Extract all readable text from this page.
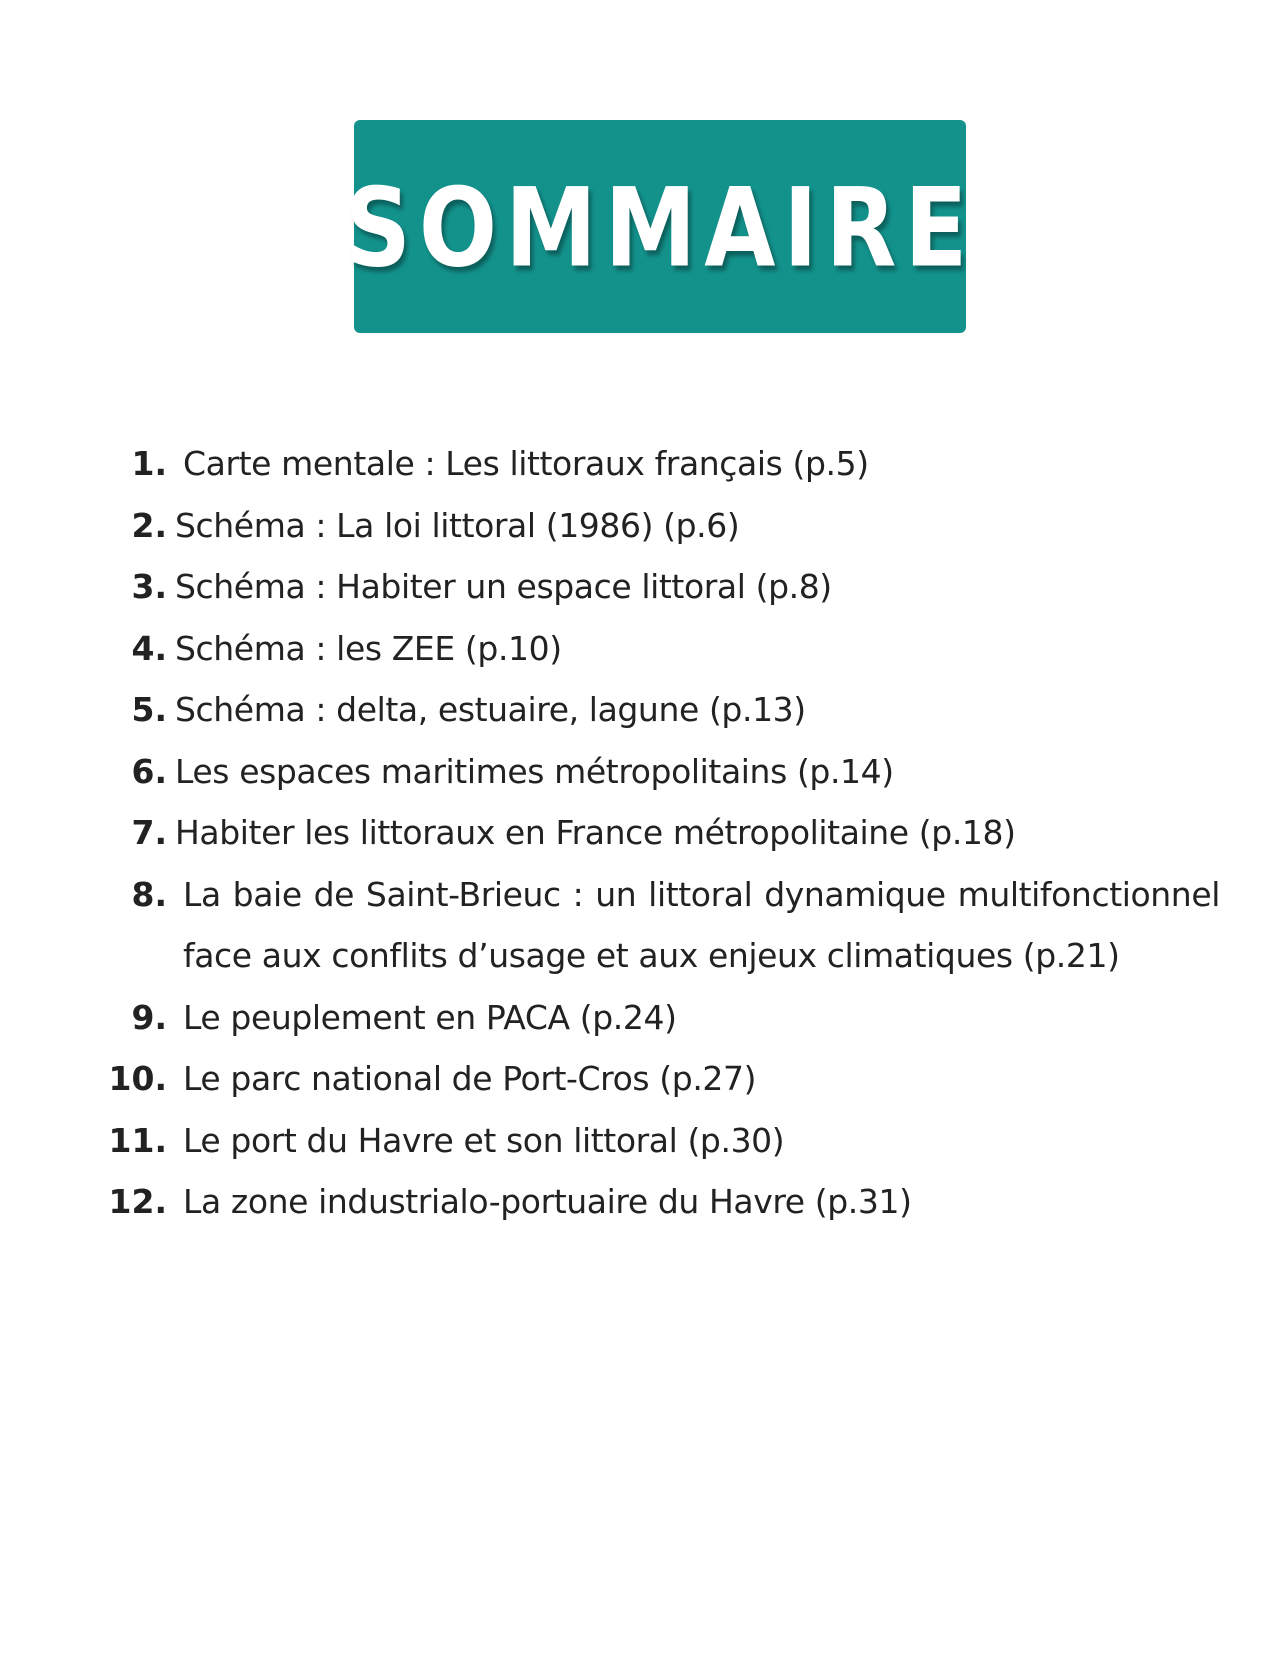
SOMMAIRE
1. Carte mentale : Les littoraux français (p.5)
2. Schéma : La loi littoral (1986) (p.6)
3. Schéma : Habiter un espace littoral (p.8)
4. Schéma : les ZEE (p.10)
5. Schéma : delta, estuaire, lagune (p.13)
6. Les espaces maritimes métropolitains (p.14)
7. Habiter les littoraux en France métropolitaine (p.18)
8. La baie de Saint-Brieuc : un littoral dynamique multifonctionnel face aux conflits d’usage et aux enjeux climatiques (p.21)
9. Le peuplement en PACA (p.24)
10. Le parc national de Port-Cros (p.27)
11. Le port du Havre et son littoral (p.30)
12. La zone industrialo-portuaire du Havre (p.31)
